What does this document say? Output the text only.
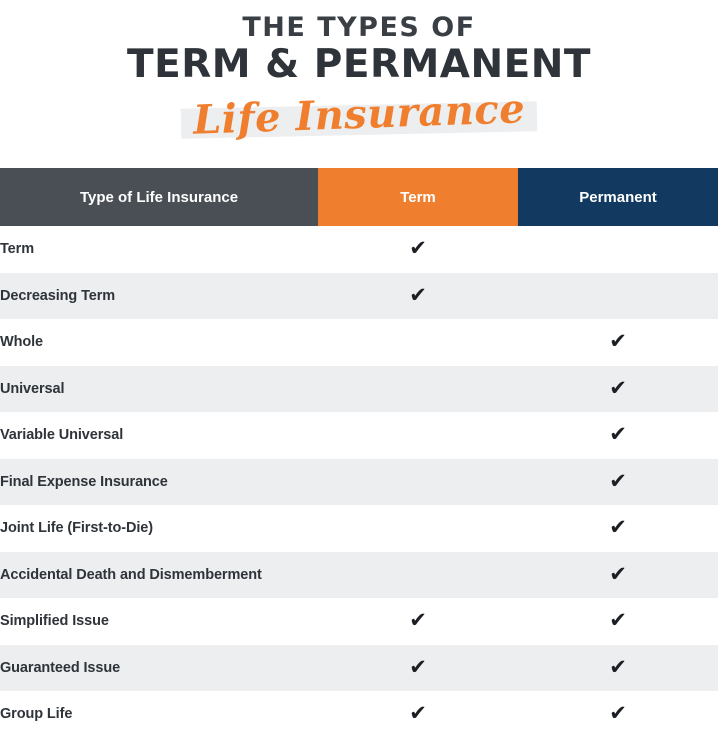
THE TYPES OF
TERM & PERMANENT
Life Insurance
Type of Life Insurance	Term	Permanent
Term	✔	
Decreasing Term	✔	
Whole		✔
Universal		✔
Variable Universal		✔
Final Expense Insurance		✔
Joint Life (First-to-Die)		✔
Accidental Death and Dismemberment		✔
Simplified Issue	✔	✔
Guaranteed Issue	✔	✔
Group Life	✔	✔
